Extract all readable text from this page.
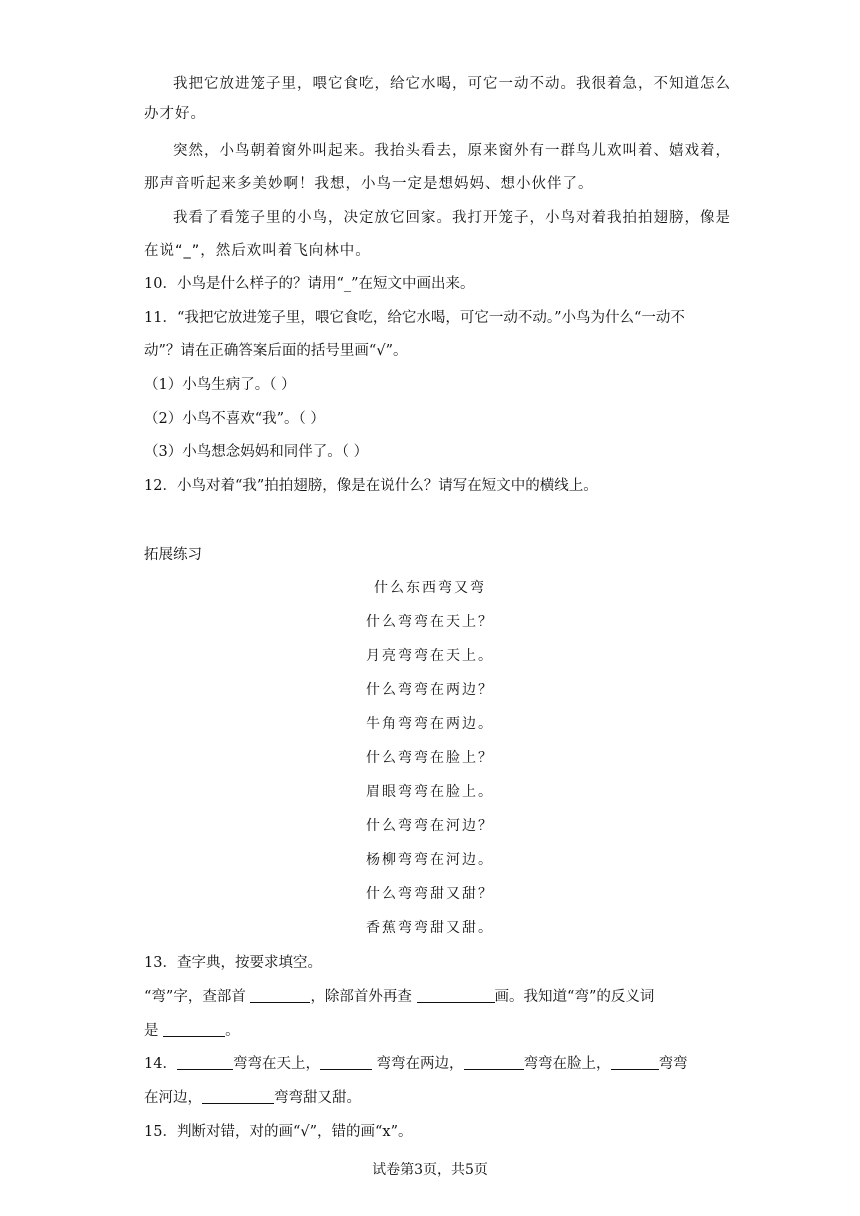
我把它放进笼子里，喂它食吃，给它水喝，可它一动不动。我很着急，不知道怎么
办才好。
突然，小鸟朝着窗外叫起来。我抬头看去，原来窗外有一群鸟儿欢叫着、嬉戏着，
那声音听起来多美妙啊！我想，小鸟一定是想妈妈、想小伙伴了。
我看了看笼子里的小鸟，决定放它回家。我打开笼子，小鸟对着我拍拍翅膀，像是
在说“_”，然后欢叫着飞向林中。
10．小鸟是什么样子的？请用“_”在短文中画出来。
11．“我把它放进笼子里，喂它食吃，给它水喝，可它一动不动。”小鸟为什么“一动不
动”？请在正确答案后面的括号里画“√”。
（1）小鸟生病了。（ ）
（2）小鸟不喜欢“我”。（ ）
（3）小鸟想念妈妈和同伴了。（ ）
12．小鸟对着“我”拍拍翅膀，像是在说什么？请写在短文中的横线上。
拓展练习
什么东西弯又弯
什么弯弯在天上？
月亮弯弯在天上。
什么弯弯在两边？
牛角弯弯在两边。
什么弯弯在脸上？
眉眼弯弯在脸上。
什么弯弯在河边？
杨柳弯弯在河边。
什么弯弯甜又甜？
香蕉弯弯甜又甜。
13．查字典，按要求填空。
“弯”字，查部首	，除部首外再查	画。我知道“弯”的反义词
是	。
14．	弯弯在天上，	弯弯在两边，	弯弯在脸上，	弯弯
在河边，	弯弯甜又甜。
15．判断对错，对的画“√”，错的画“x”。
试卷第3页，共5页
